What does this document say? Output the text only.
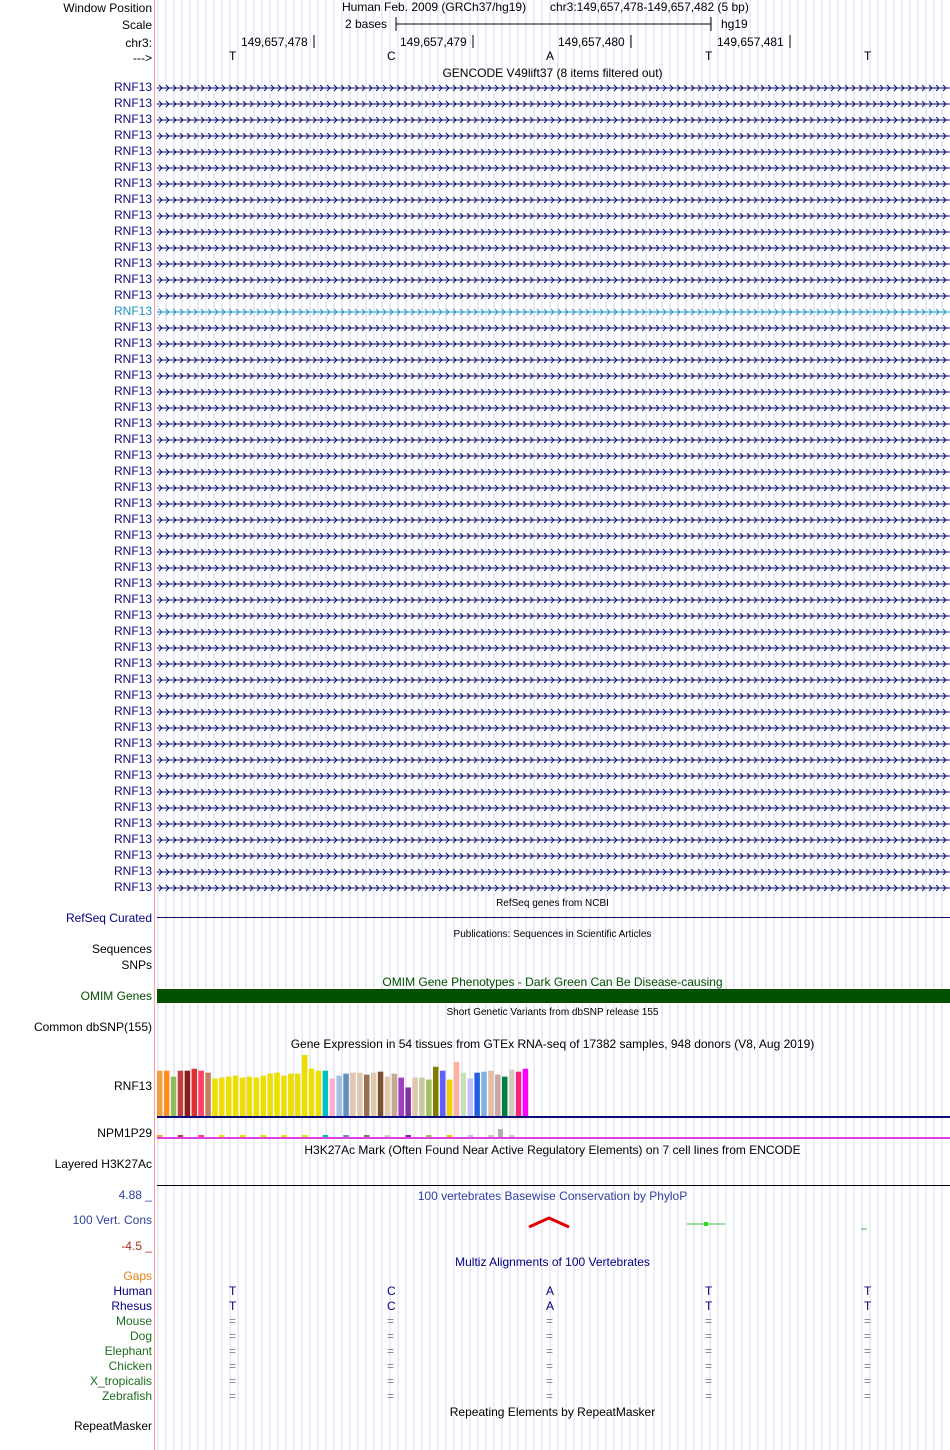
Window Position
Scale
chr3:
--->
Human Feb. 2009 (GRCh37/hg19) chr3:149,657,478-149,657,482 (5 bp)
2 bases	hg19
149,657,478	149,657,479	149,657,480	149,657,481
T	C	A	T	T
GENCODE V49lift37 (8 items filtered out)
RNF13
RNF13
RNF13
RNF13
RNF13
RNF13
RNF13
RNF13
RNF13
RNF13
RNF13
RNF13
RNF13
RNF13
RNF13
RNF13
RNF13
RNF13
RNF13
RNF13
RNF13
RNF13
RNF13
RNF13
RNF13
RNF13
RNF13
RNF13
RNF13
RNF13
RNF13
RNF13
RNF13
RNF13
RNF13
RNF13
RNF13
RNF13
RNF13
RNF13
RNF13
RNF13
RNF13
RNF13
RNF13
RNF13
RNF13
RNF13
RNF13
RNF13
RNF13
RefSeq genes from NCBI
RefSeq Curated
Publications: Sequences in Scientific Articles
Sequences
SNPs
OMIM Gene Phenotypes - Dark Green Can Be Disease-causing
OMIM Genes
Short Genetic Variants from dbSNP release 155
Common dbSNP(155)
Gene Expression in 54 tissues from GTEx RNA-seq of 17382 samples, 948 donors (V8, Aug 2019)
RNF13
NPM1P29
H3K27Ac Mark (Often Found Near Active Regulatory Elements) on 7 cell lines from ENCODE
Layered H3K27Ac
100 vertebrates Basewise Conservation by PhyloP
4.88 _
100 Vert. Cons
-4.5 _
Multiz Alignments of 100 Vertebrates
Gaps
Human	T	C	A	T	T
Rhesus	T	C	A	T	T
Mouse	=	=	=	=	=
Dog	=	=	=	=	=
Elephant	=	=	=	=	=
Chicken	=	=	=	=	=
X_tropicalis	=	=	=	=	=
Zebrafish	=	=	=	=	=
Repeating Elements by RepeatMasker
RepeatMasker
